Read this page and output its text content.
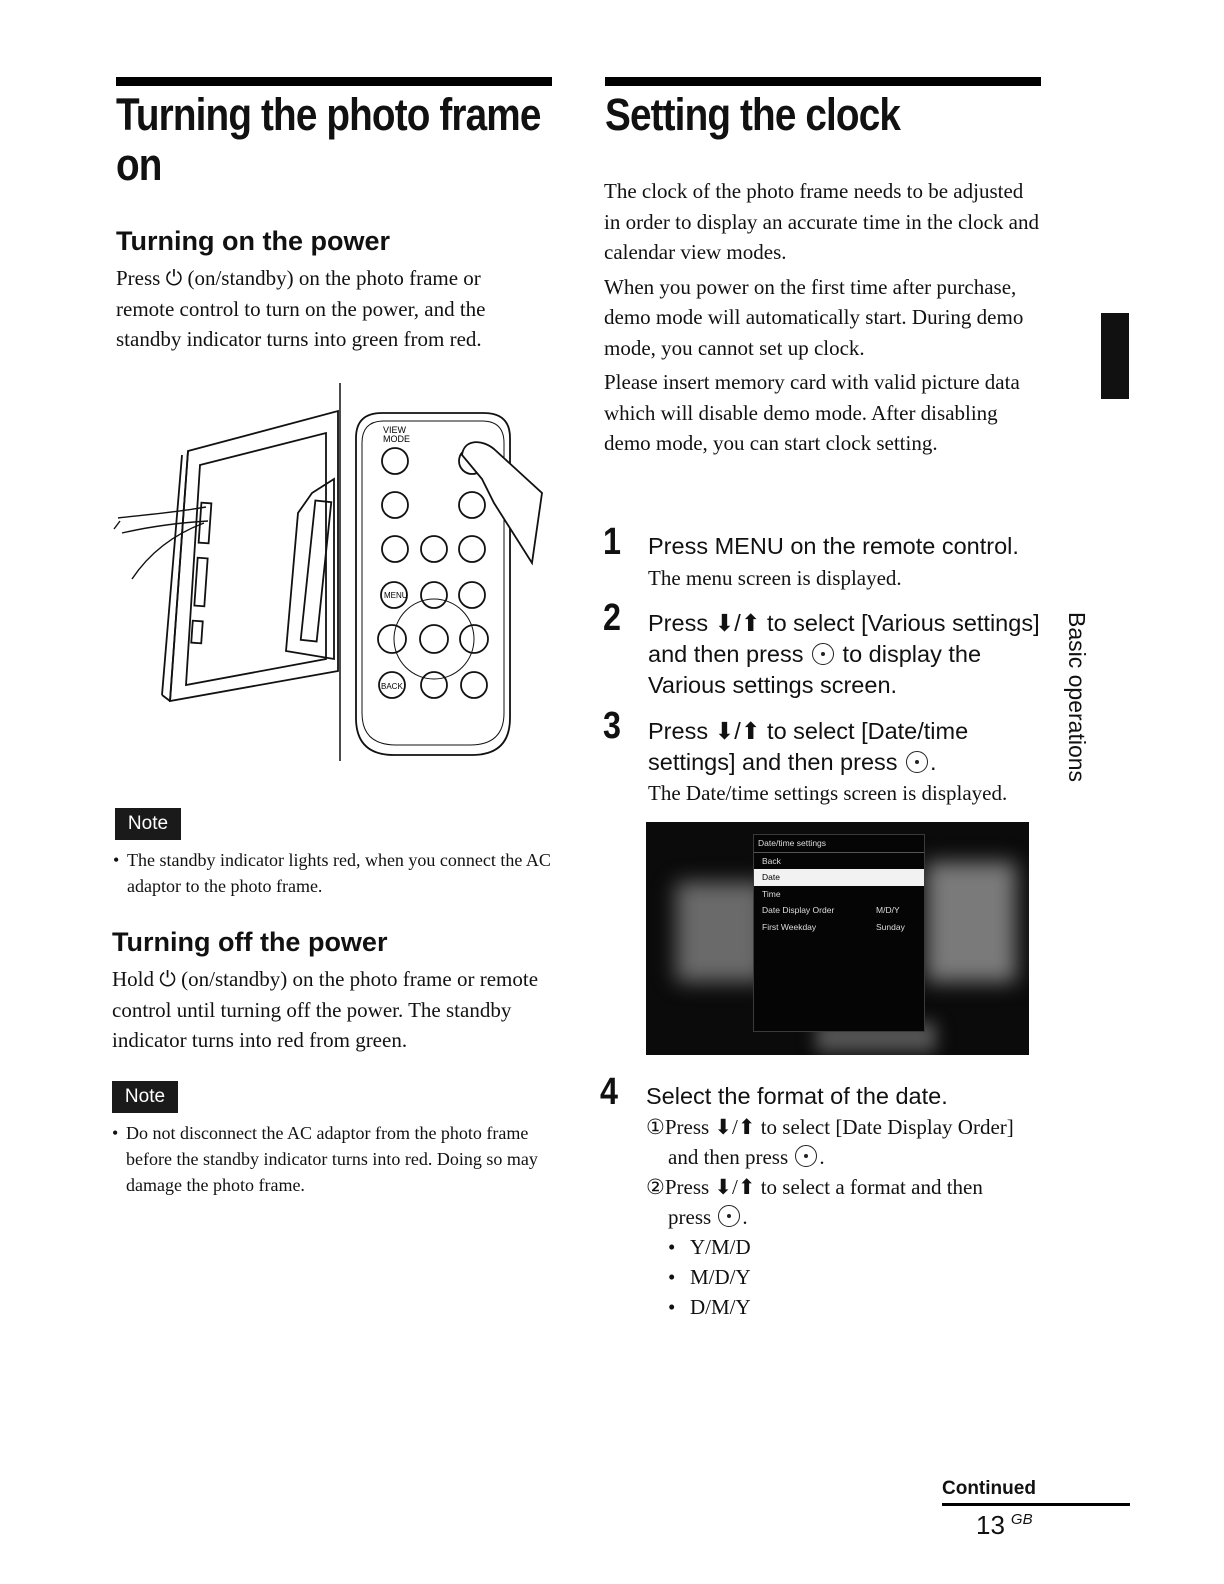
Turning the photo frame
on
Turning on the power
Press ⏻ (on/standby) on the photo frame or remote control to turn on the power, and the standby indicator turns into green from red.
VIEW
MODE
MENU
BACK
Note
• The standby indicator lights red, when you connect the AC adaptor to the photo frame.
Turning off the power
Hold ⏻ (on/standby) on the photo frame or remote control until turning off the power. The standby indicator turns into red from green.
Note
• Do not disconnect the AC adaptor from the photo frame before the standby indicator turns into red. Doing so may damage the photo frame.
Setting the clock

The clock of the photo frame needs to be adjusted in order to display an accurate time in the clock and calendar view modes.

When you power on the first time after purchase, demo mode will automatically start. During demo mode, you cannot set up clock.

Please insert memory card with valid picture data which will disable demo mode. After disabling demo mode, you can start clock setting.

1 Press MENU on the remote control.
The menu screen is displayed.
2 Press ⬇/⬆ to select [Various settings] and then press to display the Various settings screen.
3 Press ⬇/⬆ to select [Date/time settings] and then press .
The Date/time settings screen is displayed.
Date/time settings
Back
Date
Time
Date Display Order	M/D/Y
First Weekday	Sunday
4 Select the format of the date.
①Press ⬇/⬆ to select [Date Display Order]
and then press .
②Press ⬇/⬆ to select a format and then
press .
• Y/M/D
• M/D/Y
• D/M/Y
Basic operations
Continued
13 $^{GB}$
